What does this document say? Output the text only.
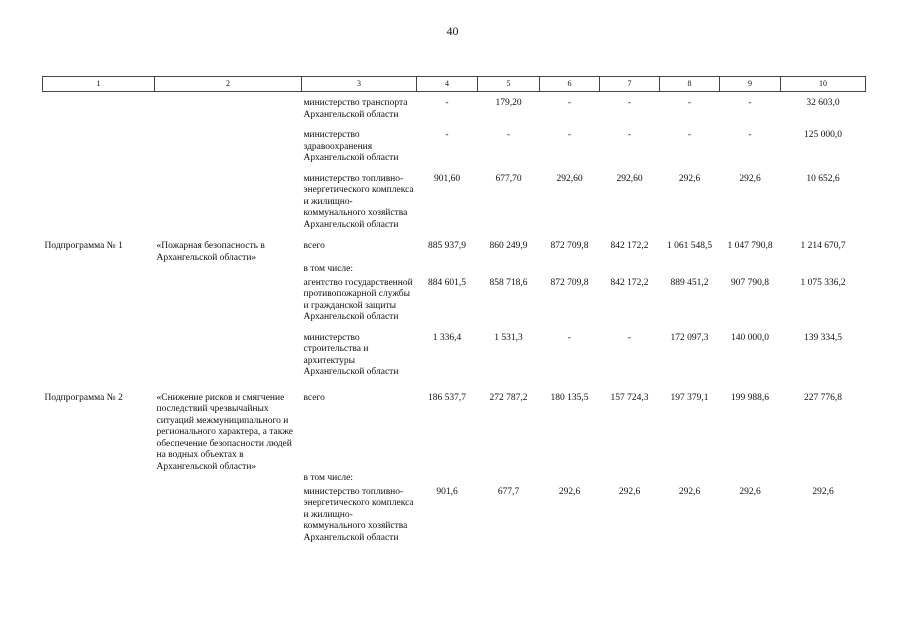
40
1	2	3	4	5	6	7	8	9	10
		министерство транспорта Архангельской области	-	179,20	-	-	-	-	32 603,0

		министерство здравоохранения Архангельской области	-	-	-	-	-	-	125 000,0

		министерство топливно-энергетического комплекса и жилищно-коммунального хозяйства Архангельской области	901,60	677,70	292,60	292,60	292,6	292,6	10 652,6

Подпрограмма № 1	«Пожарная безопасность в Архангельской области»	всего	885 937,9	860 249,9	872 709,8	842 172,2	1 061 548,5	1 047 790,8	1 214 670,7
		в том числе:							

		агентство государственной противопожарной службы и гражданской защиты Архангельской области	884 601,5	858 718,6	872 709,8	842 172,2	889 451,2	907 790,8	1 075 336,2

		министерство строительства и архитектуры Архангельской области	1 336,4	1 531,3	-	-	172 097,3	140 000,0	139 334,5

Подпрограмма № 2	«Снижение рисков и смягчение последствий чрезвычайных ситуаций межмуниципального и регионального характера, а также обеспечение безопасности людей на водных объектах в Архангельской области»	всего	186 537,7	272 787,2	180 135,5	157 724,3	197 379,1	199 988,6	227 776,8
		в том числе:							

		министерство топливно-энергетического комплекса и жилищно-коммунального хозяйства Архангельской области	901,6	677,7	292,6	292,6	292,6	292,6	292,6
